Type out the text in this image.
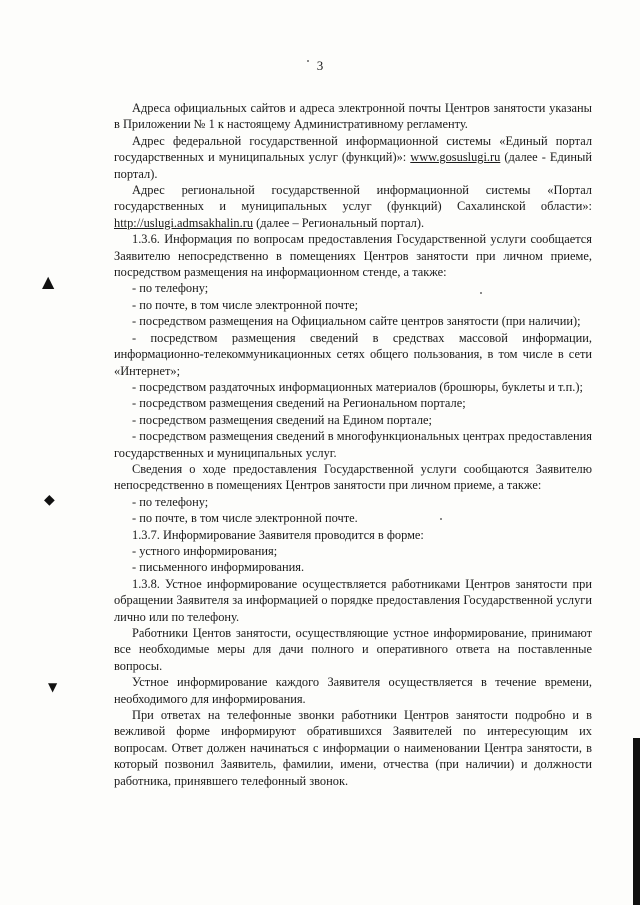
3

Адреса официальных сайтов и адреса электронной почты Центров занятости указаны в Приложении № 1 к настоящему Административному регламенту.

Адрес федеральной государственной информационной системы «Единый портал государственных и муниципальных услуг (функций)»: www.gosuslugi.ru (далее - Единый портал).

Адрес региональной государственной информационной системы «Портал государственных и муниципальных услуг (функций) Сахалинской области»: http://uslugi.admsakhalin.ru (далее – Региональный портал).

1.3.6. Информация по вопросам предоставления Государственной услуги сообщается Заявителю непосредственно в помещениях Центров занятости при личном приеме, посредством размещения на информационном стенде, а также:

- по телефону;

- по почте, в том числе электронной почте;

- посредством размещения на Официальном сайте центров занятости (при наличии);

- посредством размещения сведений в средствах массовой информации, информационно-телекоммуникационных сетях общего пользования, в том числе в сети «Интернет»;

- посредством раздаточных информационных материалов (брошюры, буклеты и т.п.);

- посредством размещения сведений на Региональном портале;

- посредством размещения сведений на Едином портале;

- посредством размещения сведений в многофункциональных центрах предоставления государственных и муниципальных услуг.

Сведения о ходе предоставления Государственной услуги сообщаются Заявителю непосредственно в помещениях Центров занятости при личном приеме, а также:

- по телефону;

- по почте, в том числе электронной почте.

1.3.7. Информирование Заявителя проводится в форме:

- устного информирования;

- письменного информирования.

1.3.8. Устное информирование осуществляется работниками Центров занятости при обращении Заявителя за информацией о порядке предоставления Государственной услуги лично или по телефону.

Работники Центов занятости, осуществляющие устное информирование, принимают все необходимые меры для дачи полного и оперативного ответа на поставленные вопросы.

Устное информирование каждого Заявителя осуществляется в течение времени, необходимого для информирования.

При ответах на телефонные звонки работники Центров занятости подробно и в вежливой форме информируют обратившихся Заявителей по интересующим их вопросам. Ответ должен начинаться с информации о наименовании Центра занятости, в который позвонил Заявитель, фамилии, имени, отчества (при наличии) и должности работника, принявшего телефонный звонок.

▲
◆
▼
